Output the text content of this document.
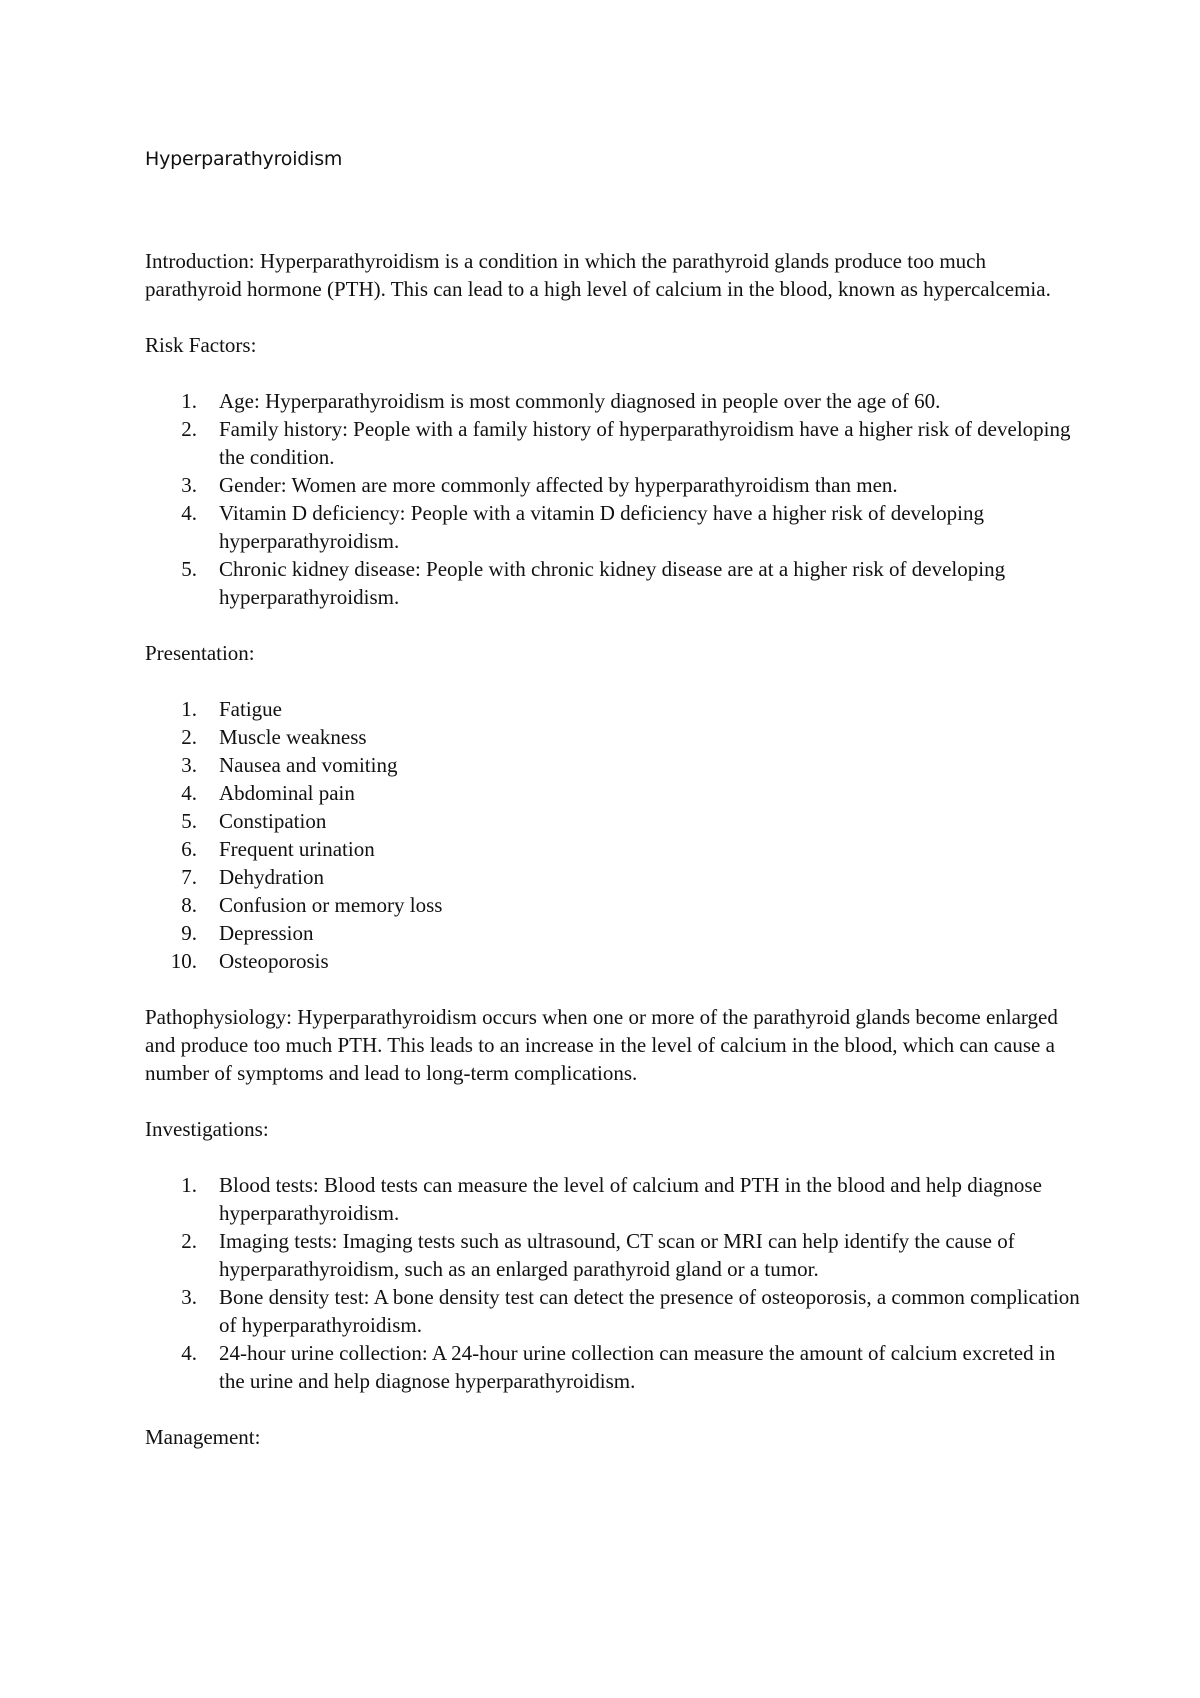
Hyperparathyroidism

Introduction: Hyperparathyroidism is a condition in which the parathyroid glands produce too much parathyroid hormone (PTH). This can lead to a high level of calcium in the blood, known as hypercalcemia.

Risk Factors:

1. Age: Hyperparathyroidism is most commonly diagnosed in people over the age of 60.
2. Family history: People with a family history of hyperparathyroidism have a higher risk of developing the condition.
3. Gender: Women are more commonly affected by hyperparathyroidism than men.
4. Vitamin D deficiency: People with a vitamin D deficiency have a higher risk of developing hyperparathyroidism.
5. Chronic kidney disease: People with chronic kidney disease are at a higher risk of developing hyperparathyroidism.

Presentation:

1. Fatigue
2. Muscle weakness
3. Nausea and vomiting
4. Abdominal pain
5. Constipation
6. Frequent urination
7. Dehydration
8. Confusion or memory loss
9. Depression
10. Osteoporosis

Pathophysiology: Hyperparathyroidism occurs when one or more of the parathyroid glands become enlarged and produce too much PTH. This leads to an increase in the level of calcium in the blood, which can cause a number of symptoms and lead to long-term complications.

Investigations:

1. Blood tests: Blood tests can measure the level of calcium and PTH in the blood and help diagnose hyperparathyroidism.
2. Imaging tests: Imaging tests such as ultrasound, CT scan or MRI can help identify the cause of hyperparathyroidism, such as an enlarged parathyroid gland or a tumor.
3. Bone density test: A bone density test can detect the presence of osteoporosis, a common complication of hyperparathyroidism.
4. 24-hour urine collection: A 24-hour urine collection can measure the amount of calcium excreted in the urine and help diagnose hyperparathyroidism.

Management:
